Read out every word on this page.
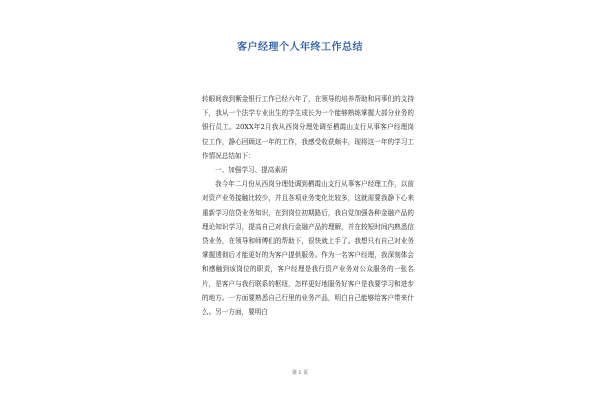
客户经理个人年终工作总结

转眼间我到紫金银行工作已经六年了，在领导的培养帮助和同事们的支持下，我从一个法学专业出生的学生成长为一个能够熟练掌握大部分业务的银行员工。20XX年2月我从西岗分理处调至栖霞山支行从事客户经理岗位工作，静心回顾这一年的工作，我感受收获颇丰，现将这一年的学习工作情况总结如下：

一、加强学习、提高素质

我今年二月份从西岗分理处调到栖霞山支行从事客户经理工作，以前对资产业务接触比较少，并且各项业务变化比较多，这就需要我静下心来重新学习信贷业务知识，在到岗位初期路后，我自觉加强各种金融产品的理论知识学习，提高自己对我行金融产品的理解，并在较短时间内熟悉信贷业务，在领导和师傅们的帮助下，很快就上手了。我想只有自己对业务掌握透彻后才能更好的为客户提供服务。作为一名客户经理，我深刻体会和感触到该岗位的职责，客户经理是我行资产业务对公众服务的一张名片，是客户与我行联系的枢纽，怎样更好地服务好客户是我要学习和进步的地方。一方面要熟悉自己行里的业务产品，明白自己能够给客户带来什么。另一方面，要明白

第 1 页
